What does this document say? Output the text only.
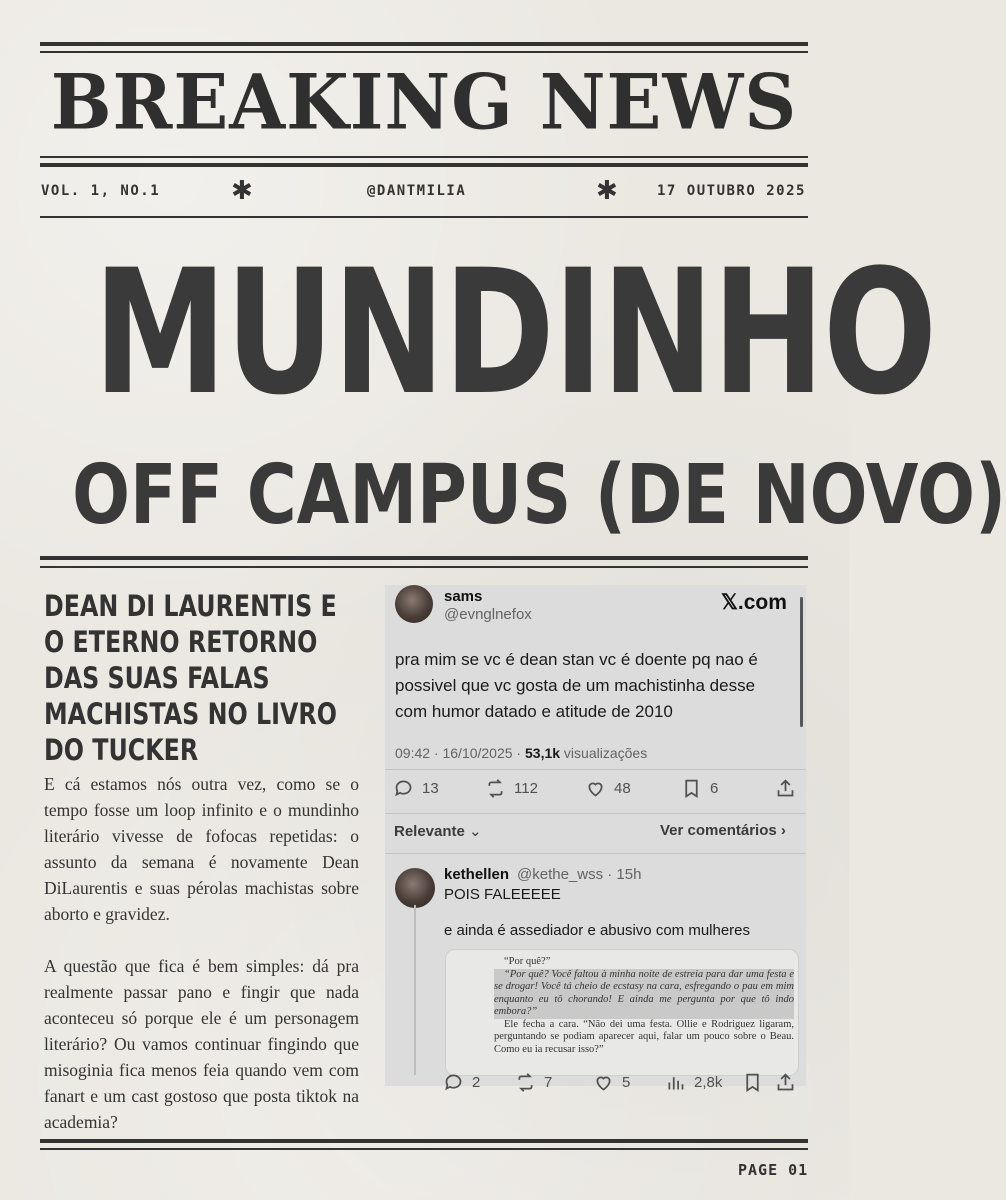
BREAKING NEWS
VOL. 1, NO.1	✱	@DANTMILIA	✱	17 OUTUBRO 2025
MUNDINHO
OFF CAMPUS (DE NOVO)
DEAN DI LAURENTIS E
O ETERNO RETORNO
DAS SUAS FALAS
MACHISTAS NO LIVRO
DO TUCKER

E cá estamos nós outra vez, como se o tempo fosse um loop infinito e o mundinho literário vivesse de fofocas repetidas: o assunto da semana é novamente Dean DiLaurentis e suas pérolas machistas sobre aborto e gravidez.

A questão que fica é bem simples: dá pra realmente passar pano e fingir que nada aconteceu só porque ele é um personagem literário? Ou vamos continuar fingindo que misoginia fica menos feia quando vem com fanart e um cast gostoso que posta tiktok na academia?

sams
@evnglnefox
𝕏.com
pra mim se vc é dean stan vc é doente pq nao é possivel que vc gosta de um machistinha desse com humor datado e atitude de 2010
09:42 · 16/10/2025 · 53,1k visualizações
13	112	48	6
Relevante ⌄	Ver comentários ›
kethellen @kethe_wss · 15h
POIS FALEEEEE
e ainda é assediador e abusivo com mulheres

“Por quê?”

“Por quê? Você faltou à minha noite de estreia para dar uma festa e se drogar! Você tá cheio de ecstasy na cara, esfregando o pau em mim enquanto eu tô chorando! E ainda me pergunta por que tô indo embora?”

Ele fecha a cara. “Não dei uma festa. Ollie e Rodriguez ligaram, perguntando se podiam aparecer aqui, falar um pouco sobre o Beau. Como eu ia recusar isso?”

2	7	5	2,8k
PAGE 01
